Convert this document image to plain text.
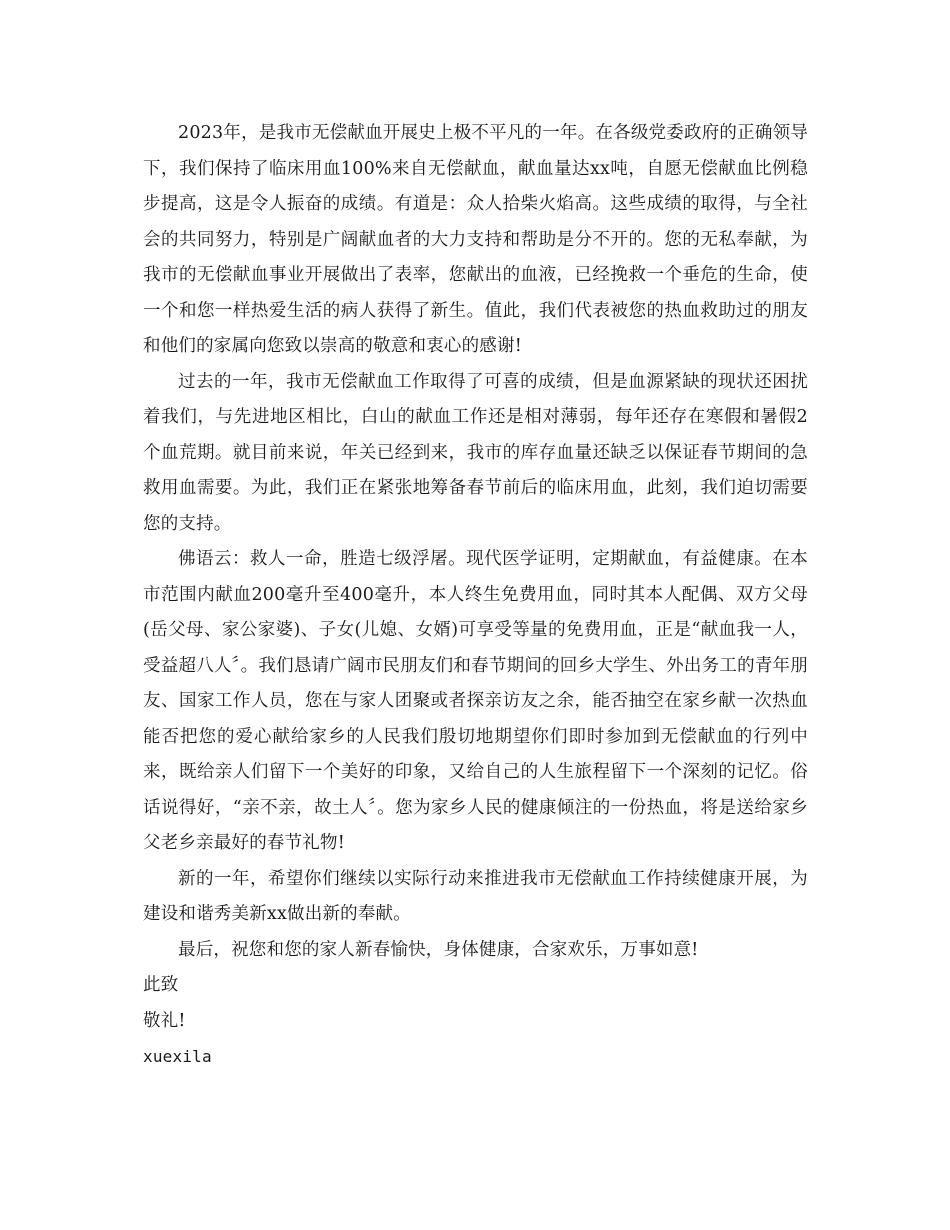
2023年，是我市无偿献血开展史上极不平凡的一年。在各级党委政府的正确领导下，我们保持了临床用血100%来自无偿献血，献血量达xx吨，自愿无偿献血比例稳步提高，这是令人振奋的成绩。有道是：众人拾柴火焰高。这些成绩的取得，与全社会的共同努力，特别是广阔献血者的大力支持和帮助是分不开的。您的无私奉献，为我市的无偿献血事业开展做出了表率，您献出的血液，已经挽救一个垂危的生命，使一个和您一样热爱生活的病人获得了新生。值此，我们代表被您的热血救助过的朋友和他们的家属向您致以崇高的敬意和衷心的感谢!

过去的一年，我市无偿献血工作取得了可喜的成绩，但是血源紧缺的现状还困扰着我们，与先进地区相比，白山的献血工作还是相对薄弱，每年还存在寒假和暑假2个血荒期。就目前来说，年关已经到来，我市的库存血量还缺乏以保证春节期间的急救用血需要。为此，我们正在紧张地筹备春节前后的临床用血，此刻，我们迫切需要您的支持。

佛语云：救人一命，胜造七级浮屠。现代医学证明，定期献血，有益健康。在本市范围内献血200毫升至400毫升，本人终生免费用血，同时其本人配偶、双方父母(岳父母、家公家婆)、子女(儿媳、女婿)可享受等量的免费用血，正是“献血我一人，受益超八人〞。我们恳请广阔市民朋友们和春节期间的回乡大学生、外出务工的青年朋友、国家工作人员，您在与家人团聚或者探亲访友之余，能否抽空在家乡献一次热血能否把您的爱心献给家乡的人民我们殷切地期望你们即时参加到无偿献血的行列中来，既给亲人们留下一个美好的印象，又给自己的人生旅程留下一个深刻的记忆。俗话说得好，“亲不亲，故土人〞。您为家乡人民的健康倾注的一份热血，将是送给家乡父老乡亲最好的春节礼物!

新的一年，希望你们继续以实际行动来推进我市无偿献血工作持续健康开展，为建设和谐秀美新xx做出新的奉献。

最后，祝您和您的家人新春愉快，身体健康，合家欢乐，万事如意!

此致

敬礼!

xuexila
